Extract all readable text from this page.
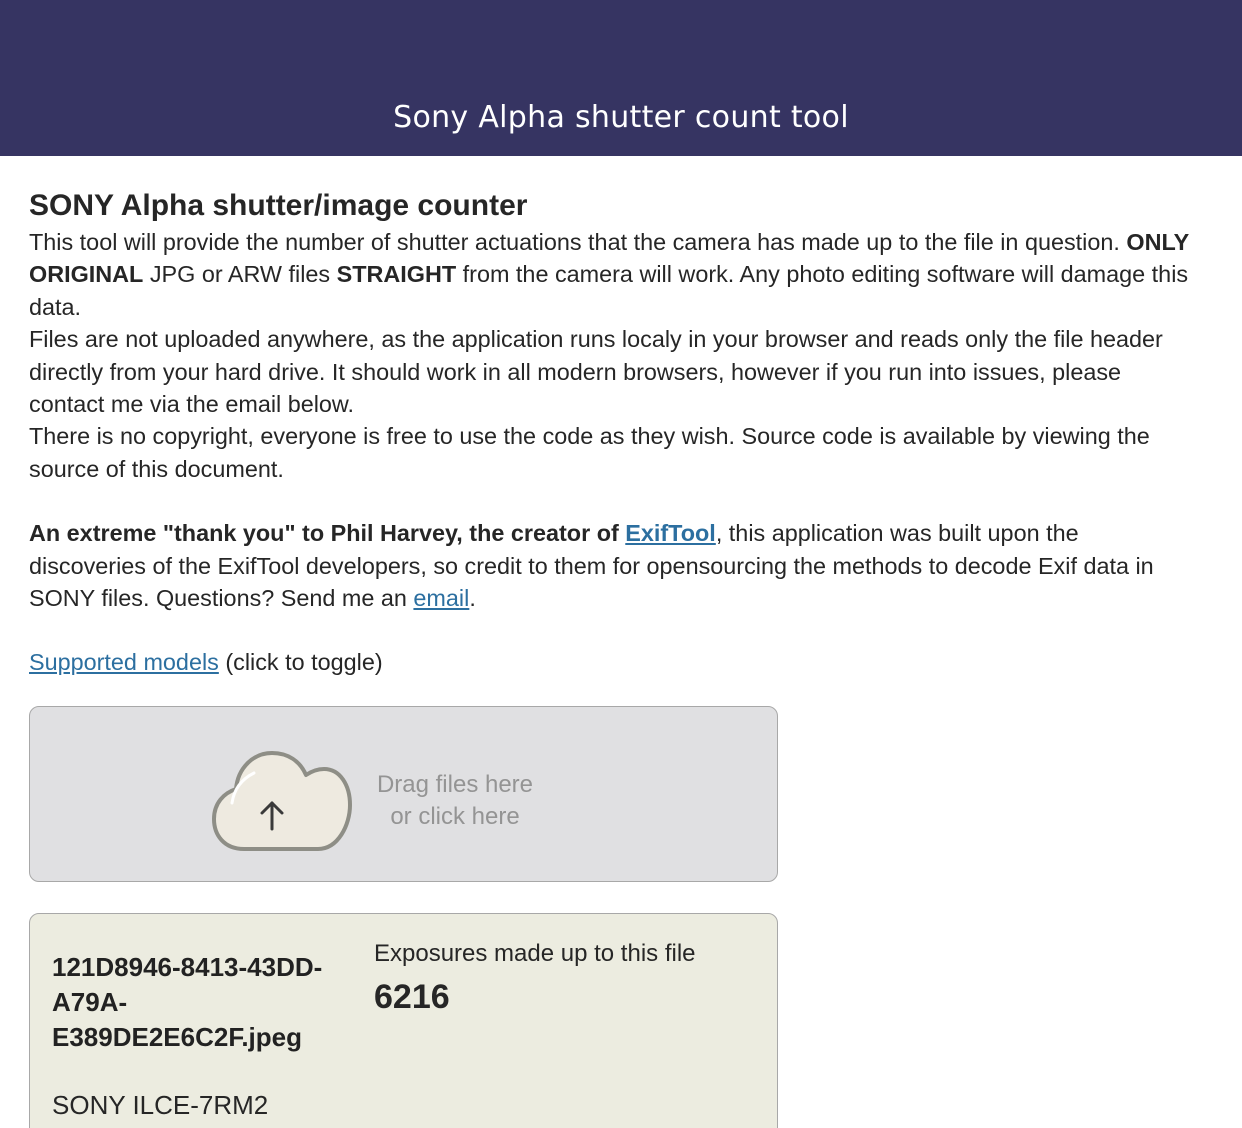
Sony Alpha shutter count tool
SONY Alpha shutter/image counter

This tool will provide the number of shutter actuations that the camera has made up to the file in question. ONLY ORIGINAL JPG or ARW files STRAIGHT from the camera will work. Any photo editing software will damage this data.

Files are not uploaded anywhere, as the application runs localy in your browser and reads only the file header directly from your hard drive. It should work in all modern browsers, however if you run into issues, please contact me via the email below.

There is no copyright, everyone is free to use the code as they wish. Source code is available by viewing the source of this document.

An extreme "thank you" to Phil Harvey, the creator of ExifTool, this application was built upon the discoveries of the ExifTool developers, so credit to them for opensourcing the methods to decode Exif data in SONY files. Questions? Send me an email.
Supported models (click to toggle)
Drag files here
or click here
121D8946-8413-43DD-A79A-E389DE2E6C2F.jpeg
SONY ILCE-7RM2
Exposures made up to this file
6216
